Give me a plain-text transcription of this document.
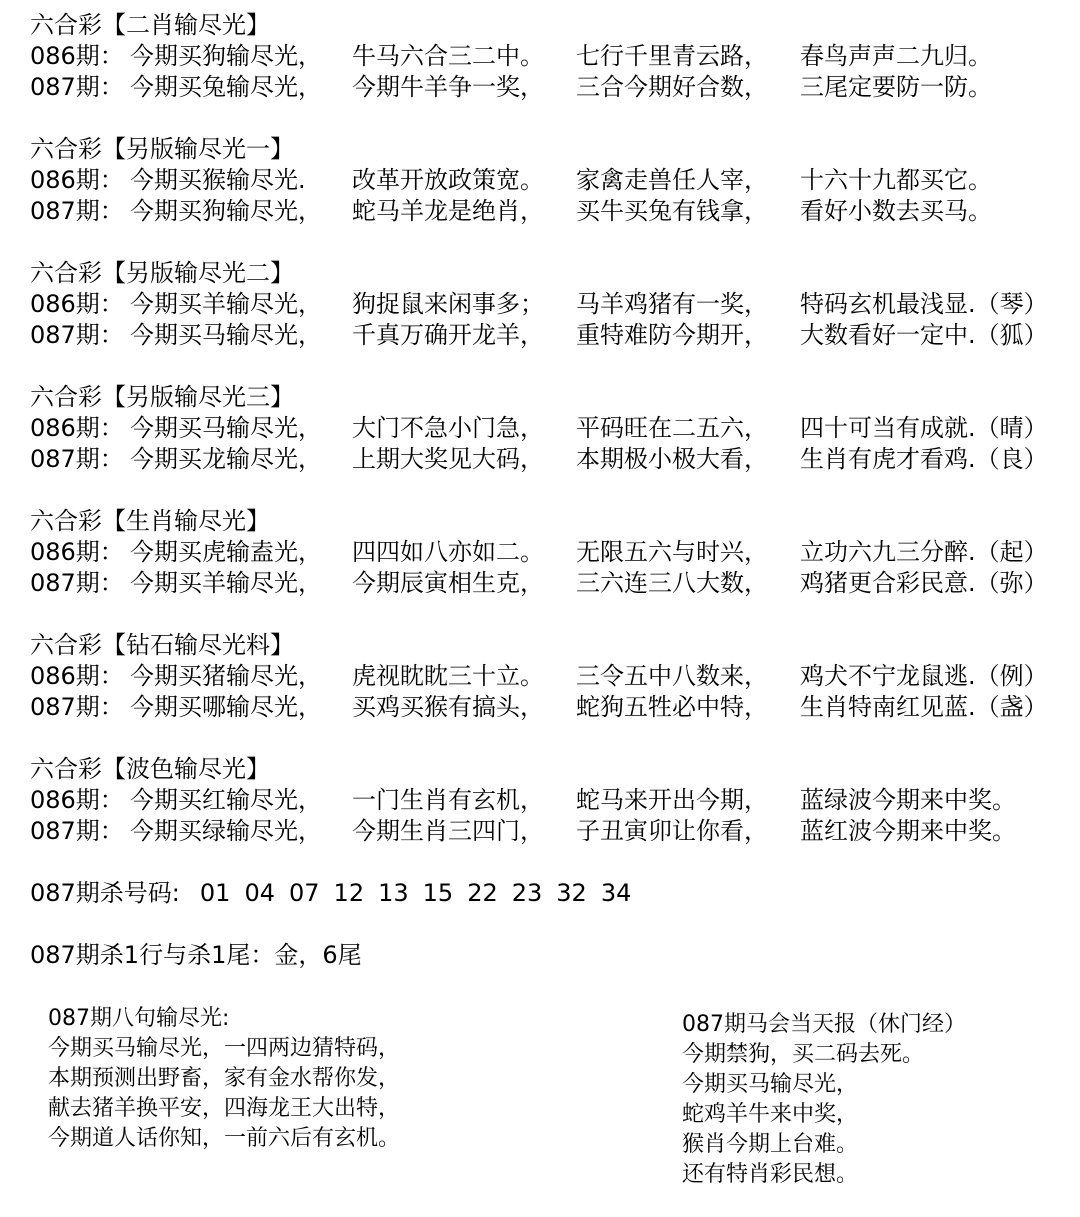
六合彩【二肖输尽光】
086期： 今期买狗输尽光， 牛马六合三二中。 七行千里青云路， 春鸟声声二九归。
087期： 今期买兔输尽光， 今期牛羊争一奖， 三合今期好合数， 三尾定要防一防。
六合彩【另版输尽光一】
086期： 今期买猴输尽光. 改革开放政策宽。 家禽走兽任人宰， 十六十九都买它。
087期： 今期买狗输尽光， 蛇马羊龙是绝肖， 买牛买兔有钱拿， 看好小数去买马。
六合彩【另版输尽光二】
086期： 今期买羊输尽光， 狗捉鼠来闲事多； 马羊鸡猪有一奖， 特码玄机最浅显.（琴）
087期： 今期买马输尽光， 千真万确开龙羊， 重特难防今期开， 大数看好一定中.（狐）
六合彩【另版输尽光三】
086期： 今期买马输尽光， 大门不急小门急， 平码旺在二五六， 四十可当有成就.（晴）
087期： 今期买龙输尽光， 上期大奖见大码， 本期极小极大看， 生肖有虎才看鸡.（良）
六合彩【生肖输尽光】
086期： 今期买虎输盍光， 四四如八亦如二。 无限五六与时兴， 立功六九三分醉.（起）
087期： 今期买羊输尽光， 今期辰寅相生克， 三六连三八大数， 鸡猪更合彩民意.（弥）
六合彩【钻石输尽光料】
086期： 今期买猪输尽光， 虎视眈眈三十立。 三令五中八数来， 鸡犬不宁龙鼠逃.（例）
087期： 今期买哪输尽光， 买鸡买猴有搞头， 蛇狗五牲必中特， 生肖特南红见蓝.（盏）
六合彩【波色输尽光】
086期： 今期买红输尽光， 一门生肖有玄机， 蛇马来开出今期， 蓝绿波今期来中奖。
087期： 今期买绿输尽光， 今期生肖三四门， 子丑寅卯让你看， 蓝红波今期来中奖。
087期杀号码: 01 04 07 12 13 15 22 23 32 34
087期杀1行与杀1尾：金，6尾
087期八句输尽光:
今期买马输尽光，一四两边猜特码，
本期预测出野畜，家有金水帮你发，
献去猪羊换平安，四海龙王大出特，
今期道人话你知，一前六后有玄机。
087期马会当天报（休门经）
今期禁狗，买二码去死。
今期买马输尽光，
蛇鸡羊牛来中奖，
猴肖今期上台难。
还有特肖彩民想。
